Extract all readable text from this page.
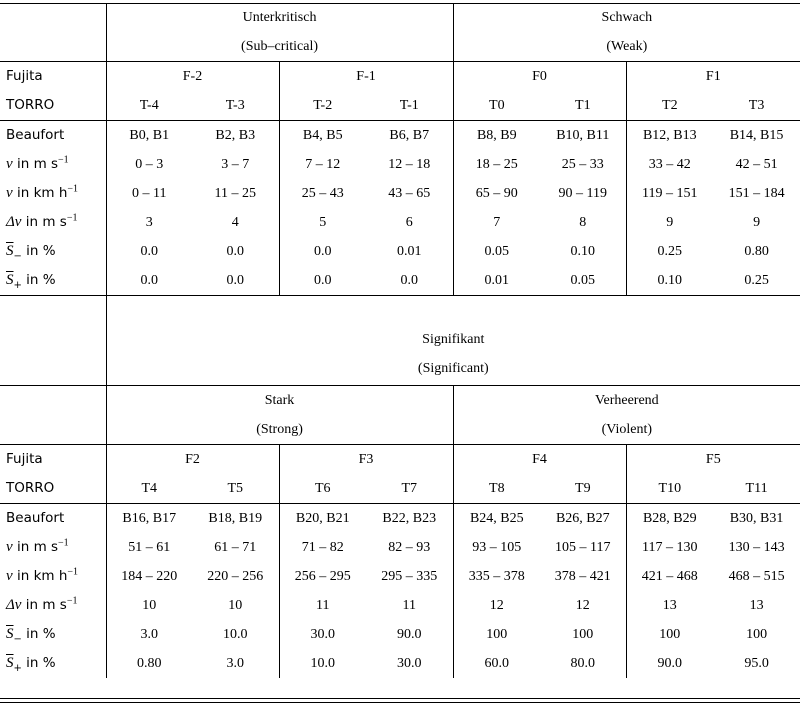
	Unterkritisch
(Sub–critical)				Schwach
(Weak)			

Fujita	F-2		F-1		F0		F1	
TORRO	T-4	T-3	T-2	T-1	T0	T1	T2	T3
Beaufort	B0, B1	B2, B3	B4, B5	B6, B7	B8, B9	B10, B11	B12, B13	B14, B15
v in m $s^{-1}$	0 – 3	3 – 7	7 – 12	12 – 18	18 – 25	25 – 33	33 – 42	42 – 51
v in km $h^{-1}$	0 – 11	11 – 25	25 – 43	43 – 65	65 – 90	90 – 119	119 – 151	151 – 184
Δv in m $s^{-1}$	3	4	5	6	7	8	9	9
$\overline{S}_-$ in %	0.0	0.0	0.0	0.01	0.05	0.10	0.25	0.80
$\overline{S}_+$ in %	0.0	0.0	0.0	0.0	0.01	0.05	0.10	0.25

	Signifikant
(Significant)							

	Stark
(Strong)				Verheerend
(Violent)			

Fujita	F2		F3		F4		F5	
TORRO	T4	T5	T6	T7	T8	T9	T10	T11
Beaufort	B16, B17	B18, B19	B20, B21	B22, B23	B24, B25	B26, B27	B28, B29	B30, B31
v in m $s^{-1}$	51 – 61	61 – 71	71 – 82	82 – 93	93 – 105	105 – 117	117 – 130	130 – 143
v in km $h^{-1}$	184 – 220	220 – 256	256 – 295	295 – 335	335 – 378	378 – 421	421 – 468	468 – 515
Δv in m $s^{-1}$	10	10	11	11	12	12	13	13
$\overline{S}_-$ in %	3.0	10.0	30.0	90.0	100	100	100	100
$\overline{S}_+$ in %	0.80	3.0	10.0	30.0	60.0	80.0	90.0	95.0
